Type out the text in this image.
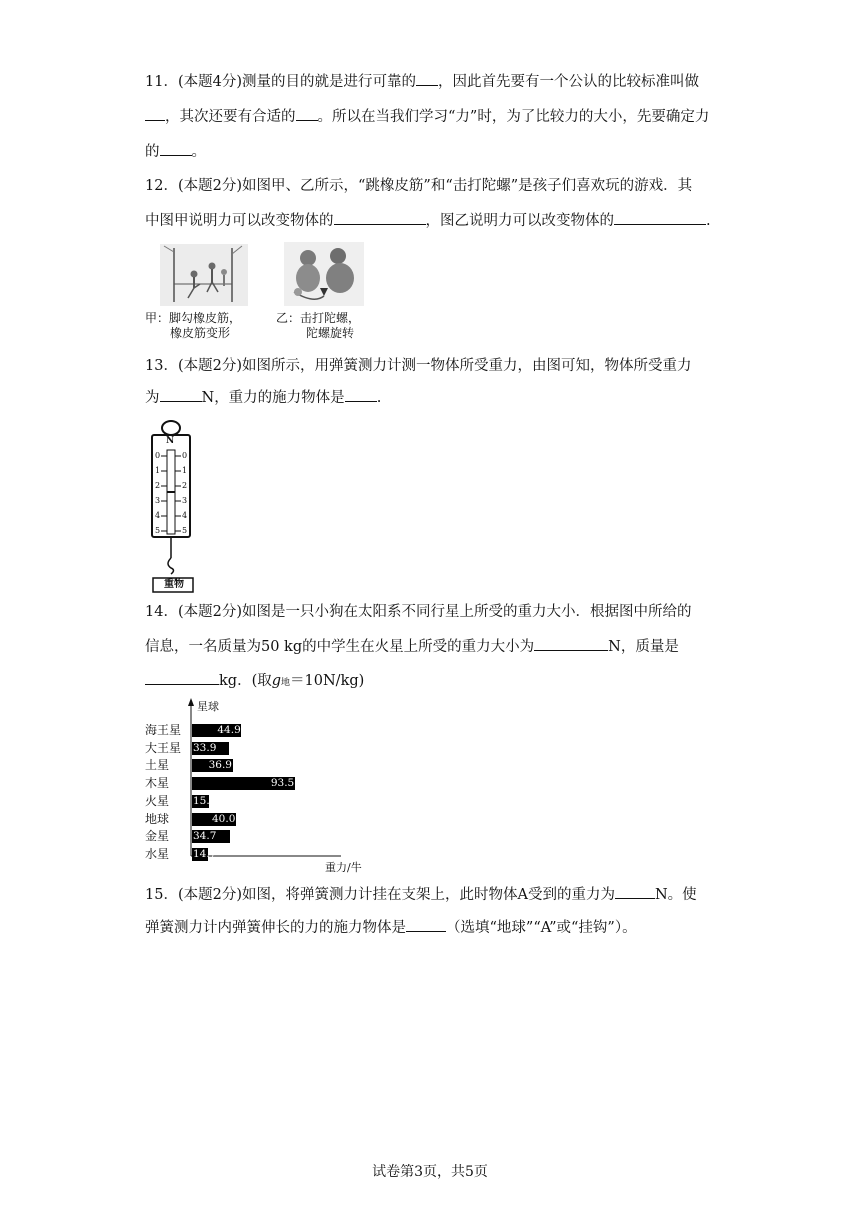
11．(本题4分)测量的目的就是进行可靠的 ，因此首先要有一个公认的比较标准叫做
，其次还要有合适的 。所以在当我们学习“力”时，为了比较力的大小，先要确定力
的 。
12．(本题2分)如图甲、乙所示，“跳橡皮筋”和“击打陀螺”是孩子们喜欢玩的游戏．其
中图甲说明力可以改变物体的	，图乙说明力可以改变物体的	.
甲：脚勾橡皮筋，
橡皮筋变形
乙：击打陀螺，
陀螺旋转
13．(本题2分)如图所示，用弹簧测力计测一物体所受重力，由图可知，物体所受重力
为	N，重力的施力物体是 .
N
0	0
1	1
2	2
3	3
4	4
5	5
重物
14．(本题2分)如图是一只小狗在太阳系不同行星上所受的重力大小．根据图中所给的
信息，一名质量为50 kg的中学生在火星上所受的重力大小为	N，质量是
kg．(取g地＝10N/kg)
星球
重力/牛
海王星	44.9
大王星 33.9
土星	36.9
木星	93.5
火星 15.3
地球	40.0
金星 34.7
水星 14.7
15．(本题2分)如图，将弹簧测力计挂在支架上，此时物体A受到的重力为	N。使
弹簧测力计内弹簧伸长的力的施力物体是	（选填“地球”“A”或“挂钩”）。
试卷第3页，共5页
